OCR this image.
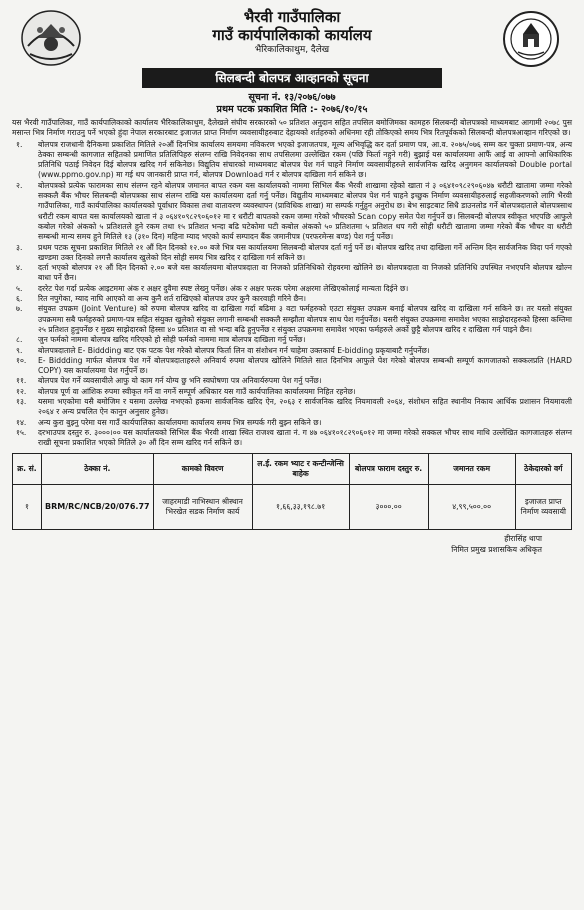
भैरवी गाउँपालिका
गाउँ कार्यपालिकाको कार्यालय
भैरिकालिकाथुम, दैलेख
सिलबन्दी बोलपत्र आव्हानको सूचना
सूचना नं. १३/२०७६/०७७
प्रथम पटक प्रकाशित मिति :- २०७६/१०/१५
यस भैरवी गाउँपालिका, गाउँ कार्यपालिकाको कार्यालय भैरिकालिकाथुम, दैलेखले संघीय सरकारको ५० प्रतिशत अनुदान सहित तपसिल बमोजिमका कामहरु सिलबन्दी बोलपत्रको माध्यमबाट आगामी २०७८ पुस मसान्त भित्र निर्माण गराउनु पर्ने भएको हुंदा नेपाल सरकारबाट इजाजत प्राप्त निर्माण व्यवसायीहरुबाट देहायको शर्तहरुको अधिनमा रही तोकिएको समय भित्र रितपूर्वकको सिलबन्दी बोलपत्रआव्हान गरिएको छ।
१.	बोलपत्र राजधानी दैनिकमा प्रकाशित मितिले २०औं दिनभित्र कार्यालय समयमा नविकरण भएको इजाजतपत्र, मूल्य अभिवृद्धि कर दर्ता प्रमाण पत्र, आ.व. २०७५/०७६ सम्म कर चुक्ता प्रमाण-पत्र, अन्य ठेक्का सम्बन्धी कागजात सहितको प्रमाणित प्रतिलिपिहरु संलग्न राखि निवेदनका साथ तपसिलमा उल्लेखित रकम (पछि फिर्ता नहुने गरी) बुझाई यस कार्यालयमा आफैं आई वा आफ्नो आधिकारिक प्रतिनिधि पठाई निवेदन दिई बोलपत्र खरिद गर्न सकिनेछ। विद्युतिय संचारको माध्यमबाट बोलपत्र पेश गर्न चाहने निर्माण व्यवसायीहरुले सार्वजनिक खरिद अनुगमन कार्यालयको Double portal (www.ppmo.gov.np) मा गई थप जानकारी प्राप्त गर्न, बोलपत्र Download गर्न र बोलपत्र दाखिला गर्न सकिने छ।
२.	बोलपत्रको प्रत्येक फारामका साथ संलग्न रहने बोलपत्र जमानत बापत रकम यस कार्यालयको नाममा सिभिल बैंक भैरवी शाखामा रहेको खाता नं ३ ०६४१०९८२९०६०४७ धरौटी खातामा जम्मा गरेको सक्कलै बैंक भौचर सिलबन्दी बोलपत्रका साथ संलग्न राखि यस कार्यालयमा दर्ता गर्नु पर्नेछ। विद्युतीय माध्यमबाट बोलपत्र पेश गर्न चाहने इच्छुक निर्माण व्यवसायीहरुलाई सहजीकरणको लागि भैरवी गाउँपालिका, गाउँ कार्यपालिका कार्यालयको पूर्वाधार विकास तथा वातावरण व्यवस्थापन (प्राविधिक शाखा) मा सम्पर्क गर्नुहुन अनुरोध छ। बेभ साइटबाट सिधै डाउनलोड गर्ने बोलपत्रदाताले बोलपत्रसाथ धरौटी रकम बापत यस कार्यालयको खाता नं ३ ०६४१०९८२९०६०१२ मा र धरौटी बापतको रकम जम्मा गरेको भौचरको Scan copy समेत पेश गर्नुपर्ने छ। सिलबन्दी बोलपत्र स्वीकृत भएपछि आफुले कबोल गरेको अंकको ५ प्रतिशतले हुने रकम तथा १५ प्रतिशत भन्दा बढि घटेकोमा घटी कबोल अंकको ५० प्रतिशतमा ५ प्रतिशत थप गरी सोही धरौटी खातामा जम्मा गरेको बैंक भौचर वा धरौटी सम्बन्धी मान्य समय हुने मितिले १३ (३१० दिन) महिना म्याद भएको कार्य सम्पादन बैंक जमानीपत्र (परफरमेन्स बण्ड) पेश गर्नु पर्नेछ।
३.	प्रथम पटक सूचना प्रकाशित मितिले २१ औं दिन दिनको १२.०० बजे भित्र यस कार्यालयमा सिलबन्दी बोलपत्र दर्ता गर्नु पर्ने छ। बोलपत्र खरिद तथा दाखिला गर्ने अन्तिम दिन सार्वजनिक विदा पर्न गएको खण्डमा उक्त दिनको लगत्तै कार्यालय खुलेको दिन सोही समय भित्र खरिद र दाखिला गर्न सकिने छ।
४.	दर्ता भएको बोलपत्र २१ औं दिन दिनको २.०० बजे यस कार्यालयमा बोलपत्रदाता वा निजको प्रतिनिधिको रोहवरमा खोलिने छ। बोलपत्रदाता वा निजको प्रतिनिधि उपस्थित नभएपनि बोलपत्र खोल्न बाधा पर्ने छैन।
५.	दररेट पेश गर्दा प्रत्येक आइटममा अंक र अक्षर दुवैमा स्पष्ट लेख्नु पर्नेछ। अंक र अक्षर फरक परेमा अक्षरमा लेखिएकोलाई मान्यता दिईने छ।
६.	रित नपुगेका, म्याद नाघि आएको वा अन्य कुनै शर्त राखिएको बोलपत्र उपर कुनै कारवाही गरिने छैन।
७.	संयुक्त उपक्रम (Joint Venture) को रुपमा बोलपत्र खरिद वा दाखिला गर्दा बढिमा ३ वटा फर्महरुको एउटा संयुक्त उपक्रम बनाई बोलपत्र खरिद वा दाखिला गर्न सकिने छ। तर यस्तो संयुक्त उपक्रममा सबै फर्महरुको प्रमाण-पत्र सहित संयुक्त खुलेको संयुक्त लगानी सम्बन्धी सक्कलै सम्झौता बोलपत्र साथ पेश गर्नुपर्नेछ। यसरी संयुक्त उपक्रममा समावेश भएका साझेदारहरुको हिस्सा कम्तिमा २५ प्रतिशत हुनुपर्नेछ र मुख्य साझेदारको हिस्सा ४० प्रतिशत वा सो भन्दा बढि हुनुपर्नेछ र संयुक्त उपक्रममा समावेश भएका फर्महरुले अर्को छुट्टै बोलपत्र खरिद र दाखिला गर्न पाइने छैन।
८.	जुन फर्मको नाममा बोलपत्र खरिद गरिएको हो सोही फर्मको नाममा मात्र बोलपत्र दाखिला गर्नु पर्नेछ।
९.	बोलपत्रदाताले E- Biddding बाट एक पटक पेश गरेको बोलपत्र फिर्ता लिन वा संशोधन गर्न चाहेमा उक्तकार्य E-bidding प्रकृयाबाटै गर्नुपर्नेछ।
१०.	E- Biddding मार्फत बोलपत्र पेश गर्ने बोलपत्रदाताहरुले अनिवार्य रुपमा बोलपत्र खोलिने मितिले सात दिनभित्र आफुले पेश गरेको बोलपत्र सम्बन्धी सम्पूर्ण कागजातको सक्कलप्रति (HARD COPY) यस कार्यालयमा पेश गर्नुपर्ने छ।
११.	बोलपत्र पेश गर्ने व्यवसायीले आफु यो काम गर्न योग्य छु भनि स्वघोषणा पत्र अनिवार्यरुपमा पेश गर्नु पर्नेछ।
१२.	बोलपत्र पूर्ण वा आंशिक रुपमा स्वीकृत गर्ने वा नगर्ने सम्पूर्ण अधिकार यस गाउँ कार्यपालिका कार्यालयमा निहित रहनेछ।
१३.	यसमा भएकोमा यसै बमोजिम र यसमा उल्लेख नभएको हकमा सार्वजनिक खरिद ऐन, २०६३ र सार्वजनिक खरिद नियमावली २०६४, संशोधन सहित स्थानीय निकाय आर्थिक प्रशासन नियमावली २०६४ र अन्य प्रचलित ऐन कानुन अनुसार हुनेछ।
१४.	अन्य कुरा बुझ्नु परेमा यस गाउँ कार्यपालिका कार्यालयमा कार्यालय समय भित्र सम्पर्क गरी बुझ्न सकिने छ।
१५.	दरभाउपत्र दस्तुर रु. ३०००।०० यस कार्यालयको सिभिल बैंक भैरवी शाखा स्थित राजश्व खाता नं. ग ४७ ०६४१०१८२९०६०१२ मा जम्मा गरेको सक्कल भौचर साथ माथि उल्लेखित कागजातहरु संलग्न राखी सूचना प्रकाशित भएको मितिले ३० औं दिन सम्म खरिद गर्न सकिने छ।
क्र. सं.	ठेक्का नं.	कामको विवरण	ल.ई. रकम भ्याट र कन्टीन्जेन्सि बाहेक	बोलपत्र फाराम दस्तुर रु.	जमानत रकम	ठेकेदारको वर्ग
१	BRM/RC/NCB/20/076.77	जाहरमाडी नाभिस्थान श्रीस्थान भिरखेत सडक निर्माण कार्य	१,६६,३३,१९८.७१	३०००.००	४,९९,५००.००	इजाजत प्राप्त निर्माण व्यवसायी
हीरासिंह थापा
निमित प्रमुख प्रशासकिय अधिकृत
